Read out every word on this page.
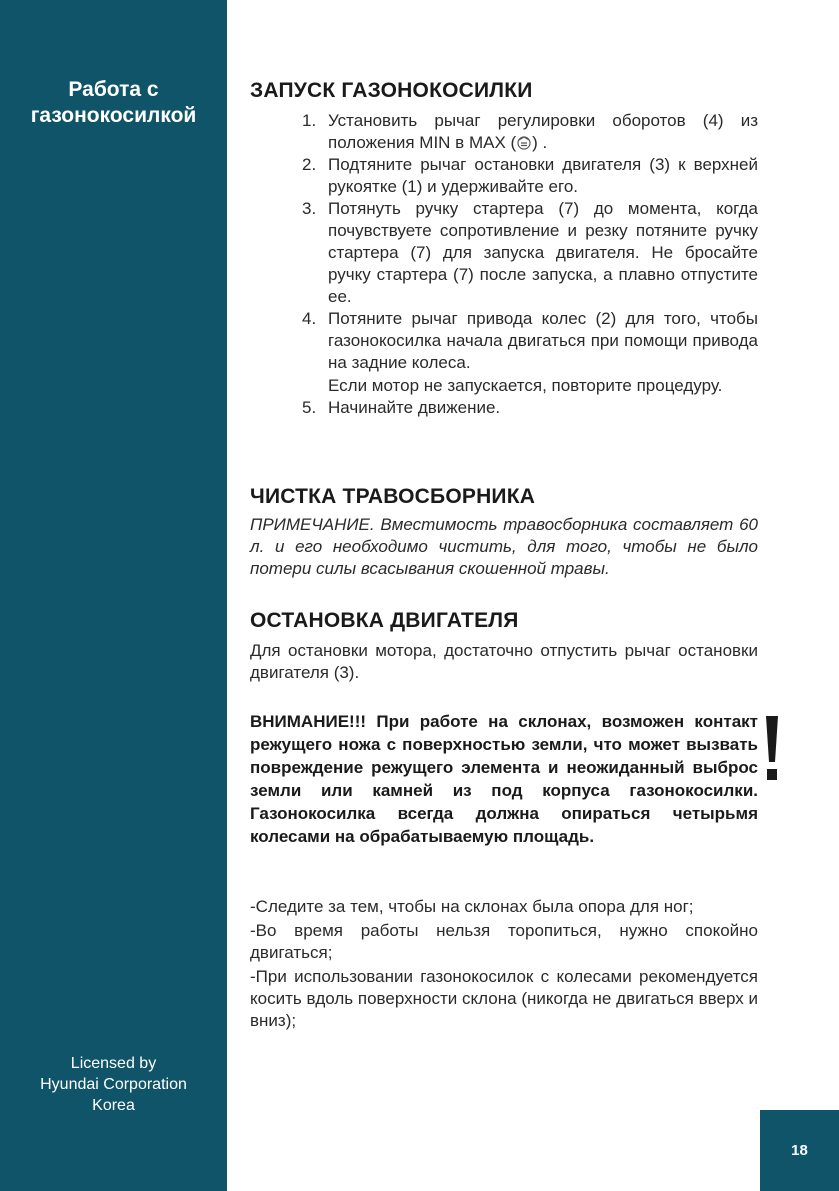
Работа с
газонокосилкой
Licensed by
Hyundai Corporation
Korea
18
ЗАПУСК ГАЗОНОКОСИЛКИ
1. Установить рычаг регулировки оборотов (4) из положения MIN в MAX ( ) .
2. Подтяните рычаг остановки двигателя (3) к верхней рукоятке (1) и удерживайте его.
3. Потянуть ручку стартера (7) до момента, когда почувствуете сопротивление и резку потяните ручку стартера (7) для запуска двигателя. Не бросайте ручку стартера (7) после запуска, а плавно отпустите ее.
4. Потяните рычаг привода колес (2) для того, чтобы газонокосилка начала двигаться при помощи привода на задние колеса.
Если мотор не запускается, повторите процедуру.
5. Начинайте движение.
ЧИСТКА ТРАВОСБОРНИКА

ПРИМЕЧАНИЕ. Вместимость травосборника составляет 60 л. и его необходимо чистить, для того, чтобы не было потери силы всасывания скошенной травы.

ОСТАНОВКА ДВИГАТЕЛЯ

Для остановки мотора, достаточно отпустить рычаг остановки двигателя (3).

ВНИМАНИЕ!!! При работе на склонах, возможен контакт режущего ножа с поверхностью земли, что может вызвать повреждение режущего элемента и неожиданный выброс земли или камней из под корпуса газонокосилки. Газонокосилка всегда должна опираться четырьмя колесами на обрабатываемую площадь.

-Следите за тем, чтобы на склонах была опора для ног;

-Во время работы нельзя торопиться, нужно спокойно двигаться;

-При использовании газонокосилок с колесами рекомендуется косить вдоль поверхности склона (никогда не двигаться вверх и вниз);
